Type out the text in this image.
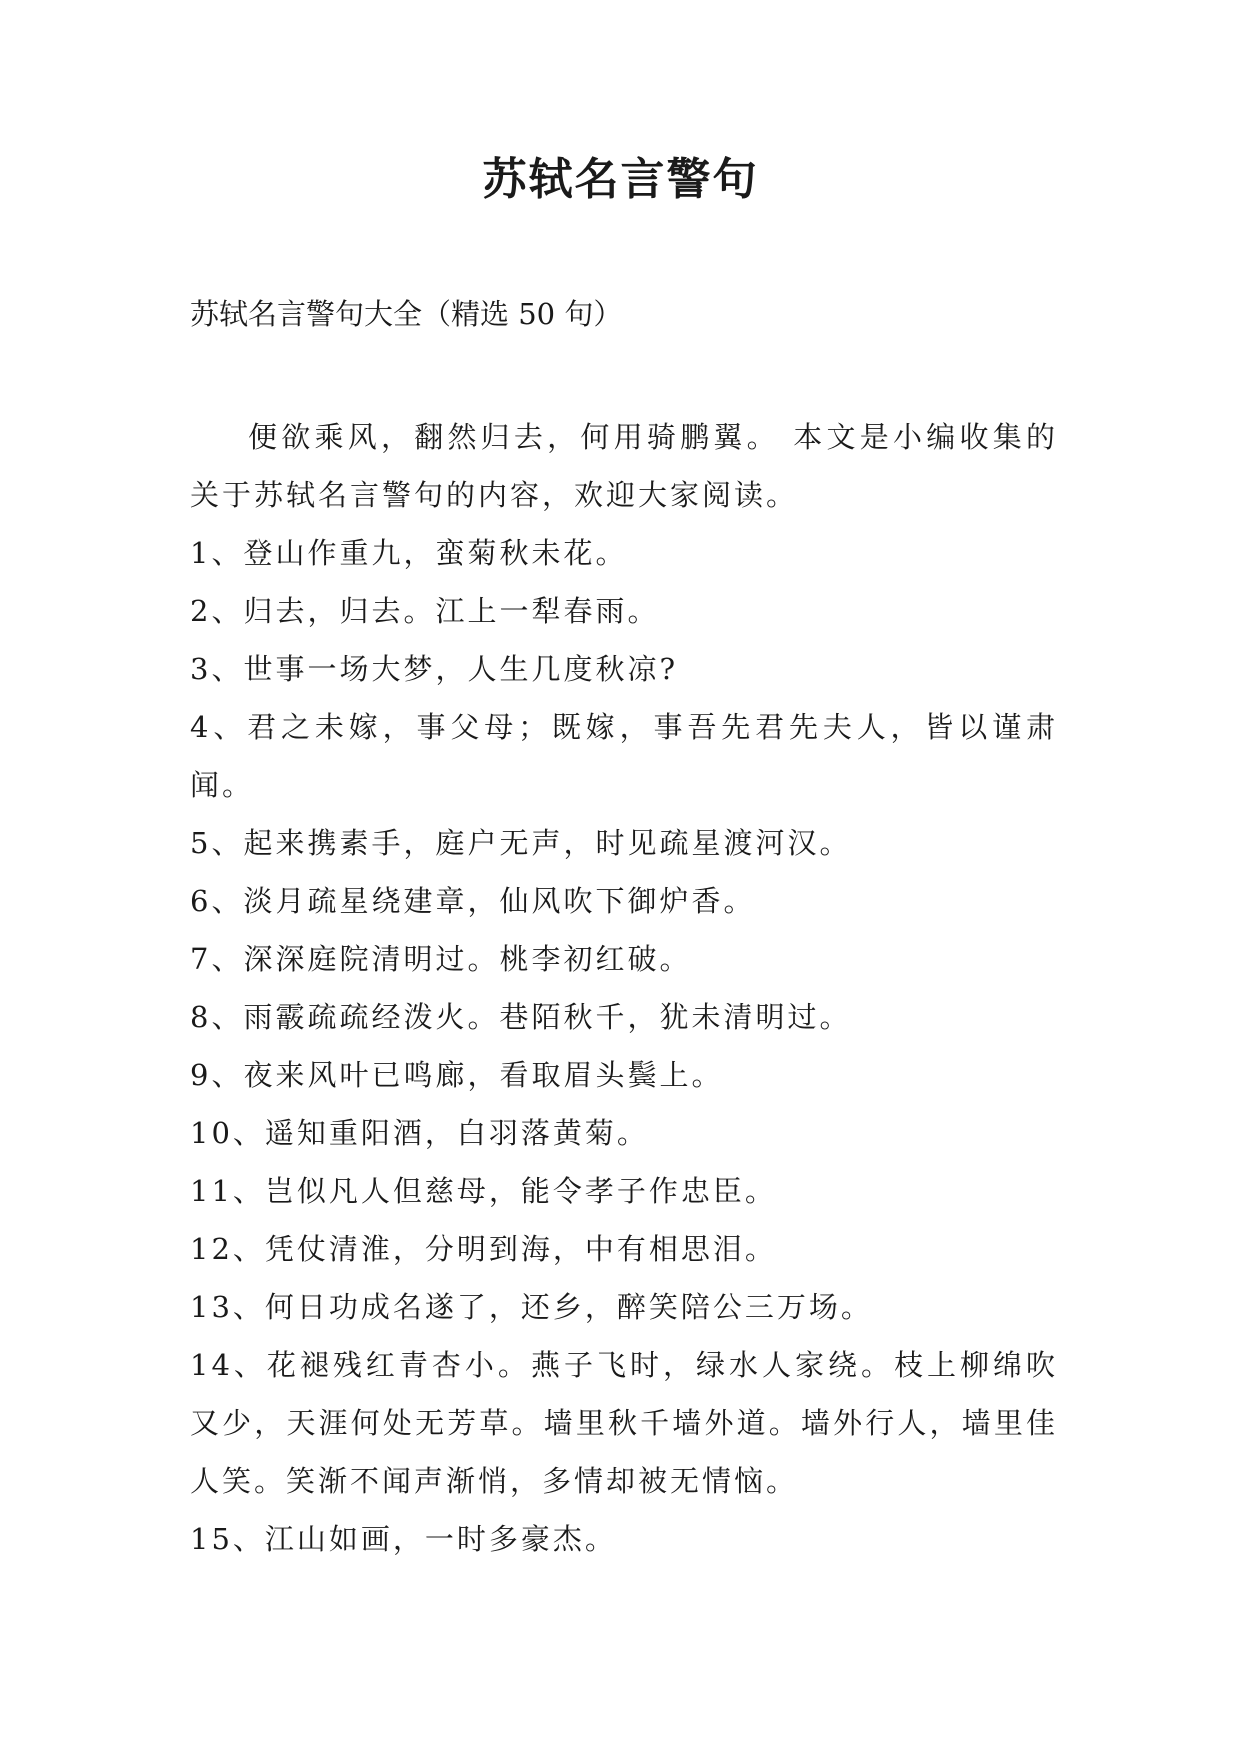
苏轼名言警句

苏轼名言警句大全（精选 50 句）

便欲乘风，翻然归去，何用骑鹏翼。 本文是小编收集的关于苏轼名言警句的内容，欢迎大家阅读。

1、登山作重九，蛮菊秋未花。

2、归去，归去。江上一犁春雨。

3、世事一场大梦，人生几度秋凉?

4、君之未嫁，事父母；既嫁，事吾先君先夫人，皆以谨肃闻。

5、起来携素手，庭户无声，时见疏星渡河汉。

6、淡月疏星绕建章，仙风吹下御炉香。

7、深深庭院清明过。桃李初红破。

8、雨霰疏疏经泼火。巷陌秋千，犹未清明过。

9、夜来风叶已鸣廊，看取眉头鬓上。

10、遥知重阳酒，白羽落黄菊。

11、岂似凡人但慈母，能令孝子作忠臣。

12、凭仗清淮，分明到海，中有相思泪。

13、何日功成名遂了，还乡，醉笑陪公三万场。

14、花褪残红青杏小。燕子飞时，绿水人家绕。枝上柳绵吹又少，天涯何处无芳草。墙里秋千墙外道。墙外行人，墙里佳人笑。笑渐不闻声渐悄，多情却被无情恼。

15、江山如画，一时多豪杰。
